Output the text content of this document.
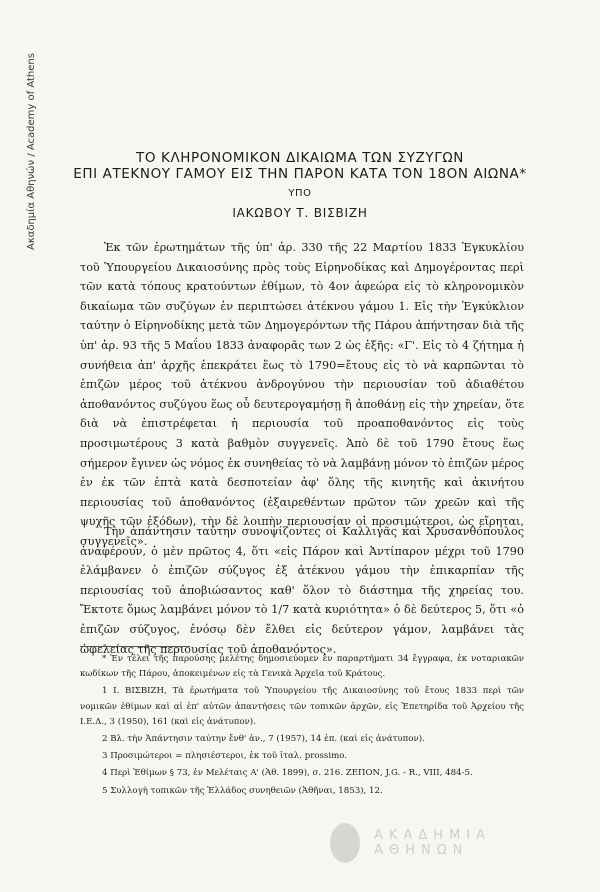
Ακαδημία Αθηνών / Academy of Athens	ΤΟ ΚΛΗΡΟΝΟΜΙΚΟΝ ΔΙΚΑΙΩΜΑ ΤΩΝ ΣΥΖΥΓΩΝ
ΕΠΙ ΑΤΕΚΝΟΥ ΓΑΜΟΥ ΕΙΣ ΤΗΝ ΠΑΡΟΝ ΚΑΤΑ ΤΟΝ 18ΟΝ ΑΙΩΝΑ*
ΥΠΟ
ΙΑΚΩΒΟΥ Τ. ΒΙΣΒΙΖΗ

Ἐκ τῶν ἐρωτημάτων τῆς ὑπ' ἀρ. 330 τῆς 22 Μαρτίου 1833 Ἐγκυκλίου τοῦ Ὑπουργείου Δικαιοσύνης πρὸς τοὺς Εἰρηνοδίκας καὶ Δημογέροντας περὶ τῶν κατὰ τόπους κρατούντων ἐθίμων, τὸ 4ον ἀφεώρα εἰς τὸ κληρονομικὸν δικαίωμα τῶν συζύγων ἐν περιπτώσει ἀτέκνου γάμου 1. Εἰς τὴν Ἐγκύκλιον ταύτην ὁ Εἰρηνοδίκης μετὰ τῶν Δημογερόντων τῆς Πάρου ἀπήντησαν διὰ τῆς ὑπ' ἀρ. 93 τῆς 5 Μαΐου 1833 ἀναφορᾶς των 2 ὡς ἑξῆς: «Γ'. Εἰς τὸ 4 ζήτημα ἡ συνήθεια ἀπ' ἀρχῆς ἐπεκράτει ἕως τὸ 1790=ἔτους εἰς τὸ νὰ καρπῶνται τὸ ἐπιζῶν μέρος τοῦ ἀτέκνου ἀνδρογύνου τὴν περιουσίαν τοῦ ἀδιαθέτου ἀποθανόντος συζύγου ἕως οὗ δευτερογαμήσῃ ἢ ἀποθάνῃ εἰς τὴν χηρείαν, ὅτε διὰ νὰ ἐπιστρέφεται ἡ περιουσία τοῦ προαποθανόντος εἰς τοὺς προσιμωτέρους 3 κατὰ βαθμὸν συγγενεῖς. Ἀπὸ δὲ τοῦ 1790 ἔτους ἕως σήμερον ἔγινεν ὡς νόμος ἐκ συνηθείας τὸ νὰ λαμβάνῃ μόνον τὸ ἐπιζῶν μέρος ἐν ἐκ τῶν ἑπτὰ κατὰ δεσποτείαν ἀφ' ὅλης τῆς κινητῆς καὶ ἀκινήτου περιουσίας τοῦ ἀποθανόντος (ἐξαιρεθέντων πρῶτον τῶν χρεῶν καὶ τῆς ψυχῆς τῶν ἐξόδων), τὴν δὲ λοιπὴν περιουσίαν οἱ προσιμώτεροι, ὡς εἴρηται, συγγενεῖς».

Τὴν ἀπάντησιν ταύτην συνοψίζοντες οἱ Καλλιγᾶς καὶ Χρυσανθόπουλος ἀναφέρουν, ὁ μὲν πρῶτος 4, ὅτι «εἰς Πάρον καὶ Ἀντίπαρον μέχρι τοῦ 1790 ἐλάμβανεν ὁ ἐπιζῶν σύζυγος ἐξ ἀτέκνου γάμου τὴν ἐπικαρπίαν τῆς περιουσίας τοῦ ἀποβιώσαντος καθ' ὅλον τὸ διάστημα τῆς χηρείας του. Ἔκτοτε ὅμως λαμβάνει μόνον τὸ 1/7 κατὰ κυριότητα» ὁ δὲ δεύτερος 5, ὅτι «ὁ ἐπιζῶν σύζυγος, ἐνόσῳ δὲν ἔλθει εἰς δεύτερον γάμον, λαμβάνει τὰς ὠφελείας τῆς περιουσίας τοῦ ἀποθανόντος».

* Ἐν τέλει τῆς παρούσης μελέτης δημοσιεύομεν ἐν παραρτήματι 34 ἔγγραφα, ἐκ νοταριακῶν κωδίκων τῆς Πάρου, ἀποκειμένων εἰς τὰ Γενικὰ Ἀρχεῖα τοῦ Κράτους.

1 Ι. ΒΙΣΒΙΖΗ, Τὰ ἐρωτήματα τοῦ Ὑπουργείου τῆς Δικαιοσύνης τοῦ ἔτους 1833 περὶ τῶν νομικῶν ἐθίμων καὶ αἱ ἐπ' αὐτῶν ἀπαντήσεις τῶν τοπικῶν ἀρχῶν, εἰς Ἐπετηρίδα τοῦ Ἀρχείου τῆς Ι.Ε.Δ., 3 (1950), 161 (καὶ εἰς ἀνάτυπον).

2 Βλ. τὴν Ἀπάντησιν ταύτην ἔνθ' ἀν., 7 (1957), 14 ἑπ. (καὶ εἰς ἀνάτυπον).

3 Προσιμώτεροι = πλησιέστεροι, ἐκ τοῦ ἰταλ. prossimo.

4 Περὶ Ἐθίμων § 73, ἐν Μελέταις Α' (Ἀθ. 1899), σ. 216. ΖΕΠΟΝ, J.G. - R., VIII, 484-5.

5 Συλλογὴ τοπικῶν τῆς Ἑλλάδος συνηθειῶν (Ἀθῆναι, 1853), 12.

ΑΚΑΔΗΜΙΑ ΑΘΗΝΩΝ
